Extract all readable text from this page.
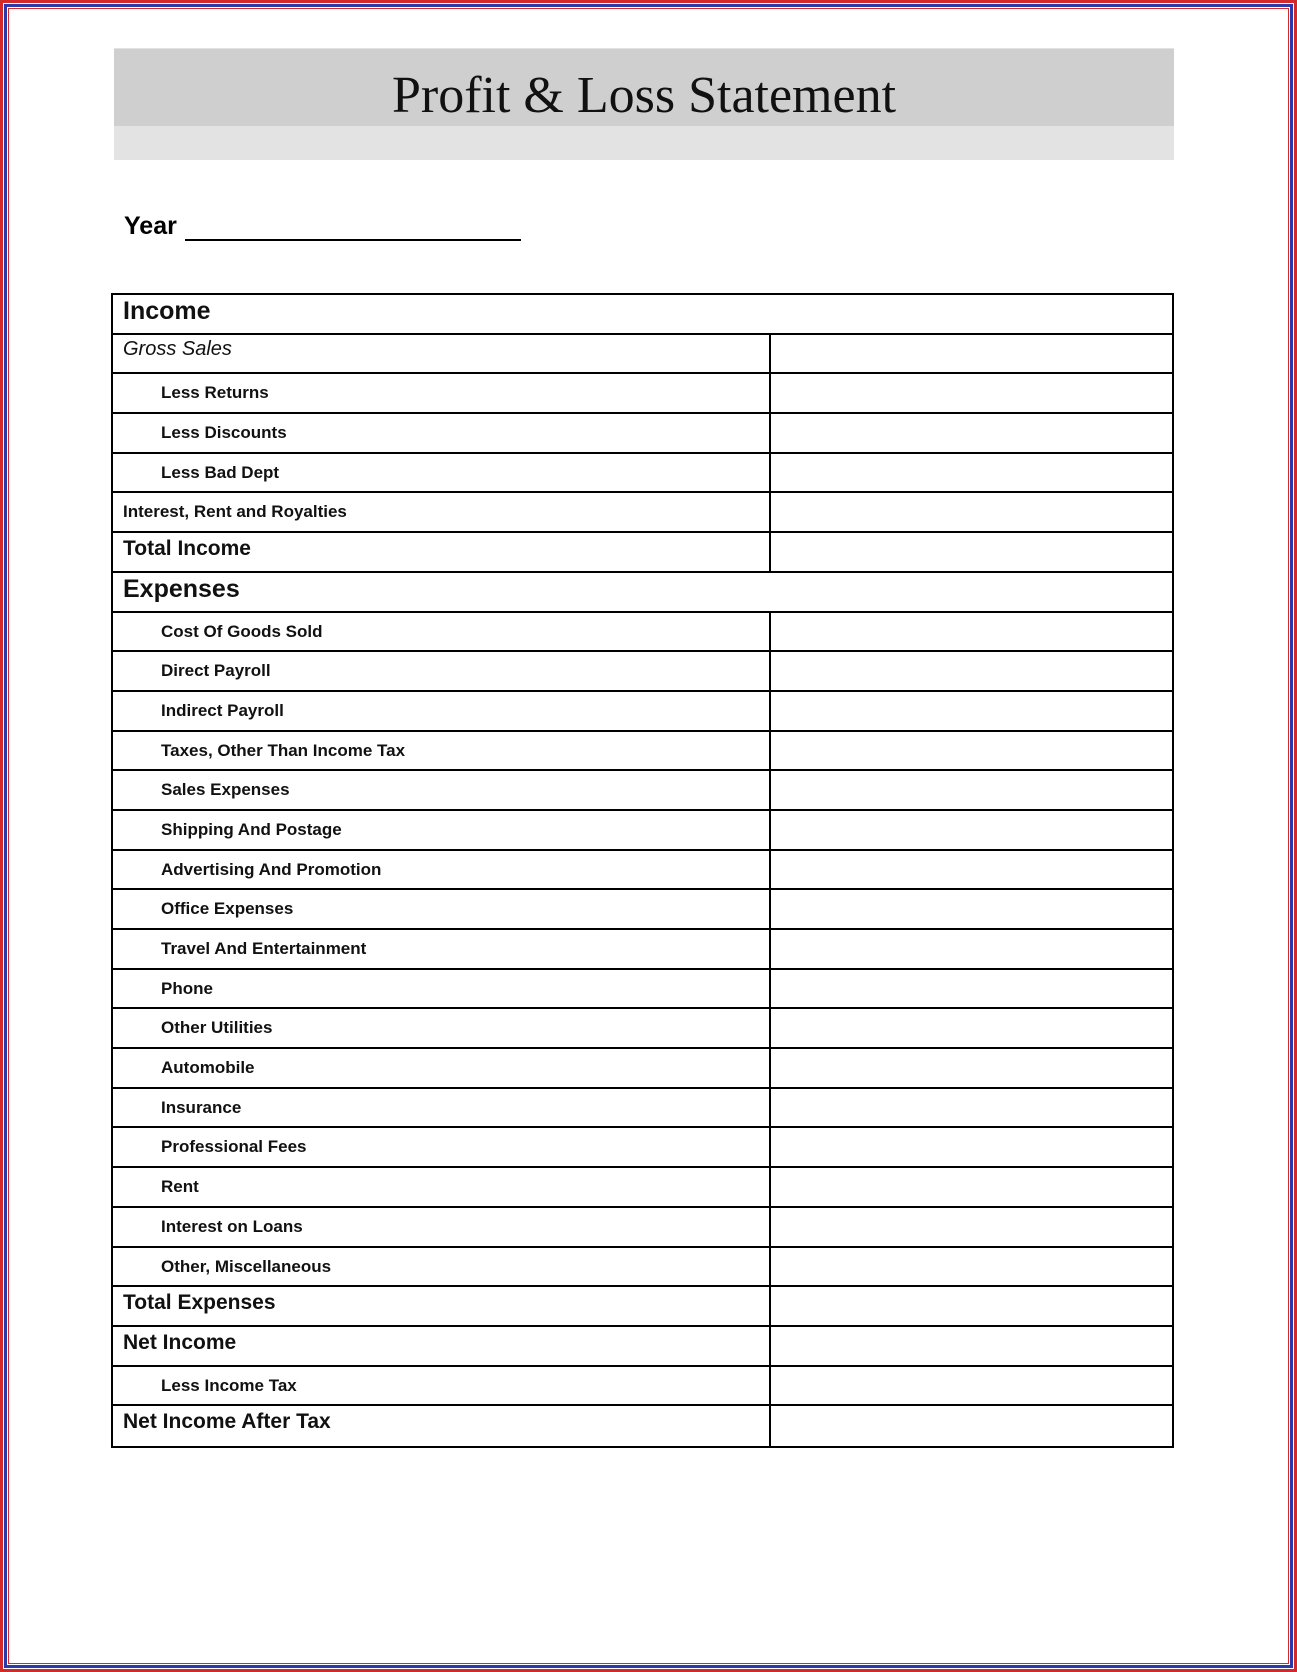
Profit & Loss Statement
Year
Income
Gross Sales
Less Returns
Less Discounts
Less Bad Dept
Interest, Rent and Royalties
Total Income
Expenses
Cost Of Goods Sold
Direct Payroll
Indirect Payroll
Taxes, Other Than Income Tax
Sales Expenses
Shipping And Postage
Advertising And Promotion
Office Expenses
Travel And Entertainment
Phone
Other Utilities
Automobile
Insurance
Professional Fees
Rent
Interest on Loans
Other, Miscellaneous
Total Expenses
Net Income
Less Income Tax
Net Income After Tax
